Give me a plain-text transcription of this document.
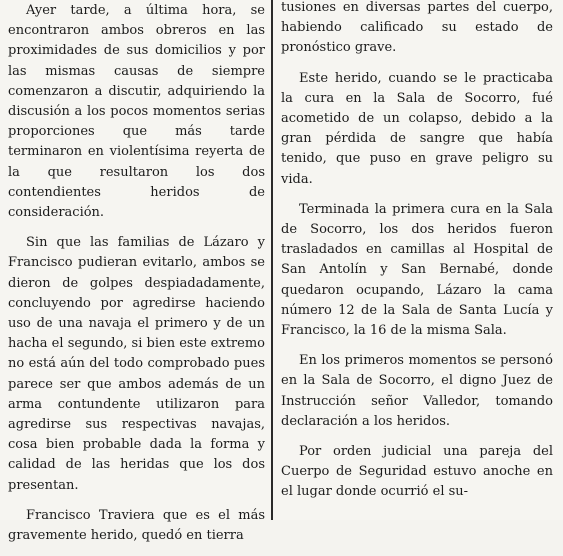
Ayer tarde, a última hora, se encontraron ambos obreros en las proximidades de sus domicilios y por las mismas causas de siempre comenzaron a discutir, adquiriendo la discusión a los pocos momentos serias proporciones que más tarde terminaron en violentísima reyerta de la que resultaron los dos contendientes heridos de consideración.

Sin que las familias de Lázaro y Francisco pudieran evitarlo, ambos se dieron de golpes despiadadamente, concluyendo por agredirse haciendo uso de una navaja el primero y de un hacha el segundo, si bien este extremo no está aún del todo comprobado pues parece ser que ambos además de un arma contundente utilizaron para agredirse sus respectivas navajas, cosa bien probable dada la forma y calidad de las heridas que los dos presentan.

Francisco Traviera que es el más gravemente herido, quedó en tierra

tusiones en diversas partes del cuerpo, habiendo calificado su estado de pronóstico grave.

Este herido, cuando se le practicaba la cura en la Sala de Socorro, fué acometido de un colapso, debido a la gran pérdida de sangre que había tenido, que puso en grave peligro su vida.

Terminada la primera cura en la Sala de Socorro, los dos heridos fueron trasladados en camillas al Hospital de San Antolín y San Bernabé, donde quedaron ocupando, Lázaro la cama número 12 de la Sala de Santa Lucía y Francisco, la 16 de la misma Sala.

En los primeros momentos se personó en la Sala de Socorro, el digno Juez de Instrucción señor Valledor, tomando declaración a los heridos.

Por orden judicial una pareja del Cuerpo de Seguridad estuvo anoche en el lugar donde ocurrió el su-
